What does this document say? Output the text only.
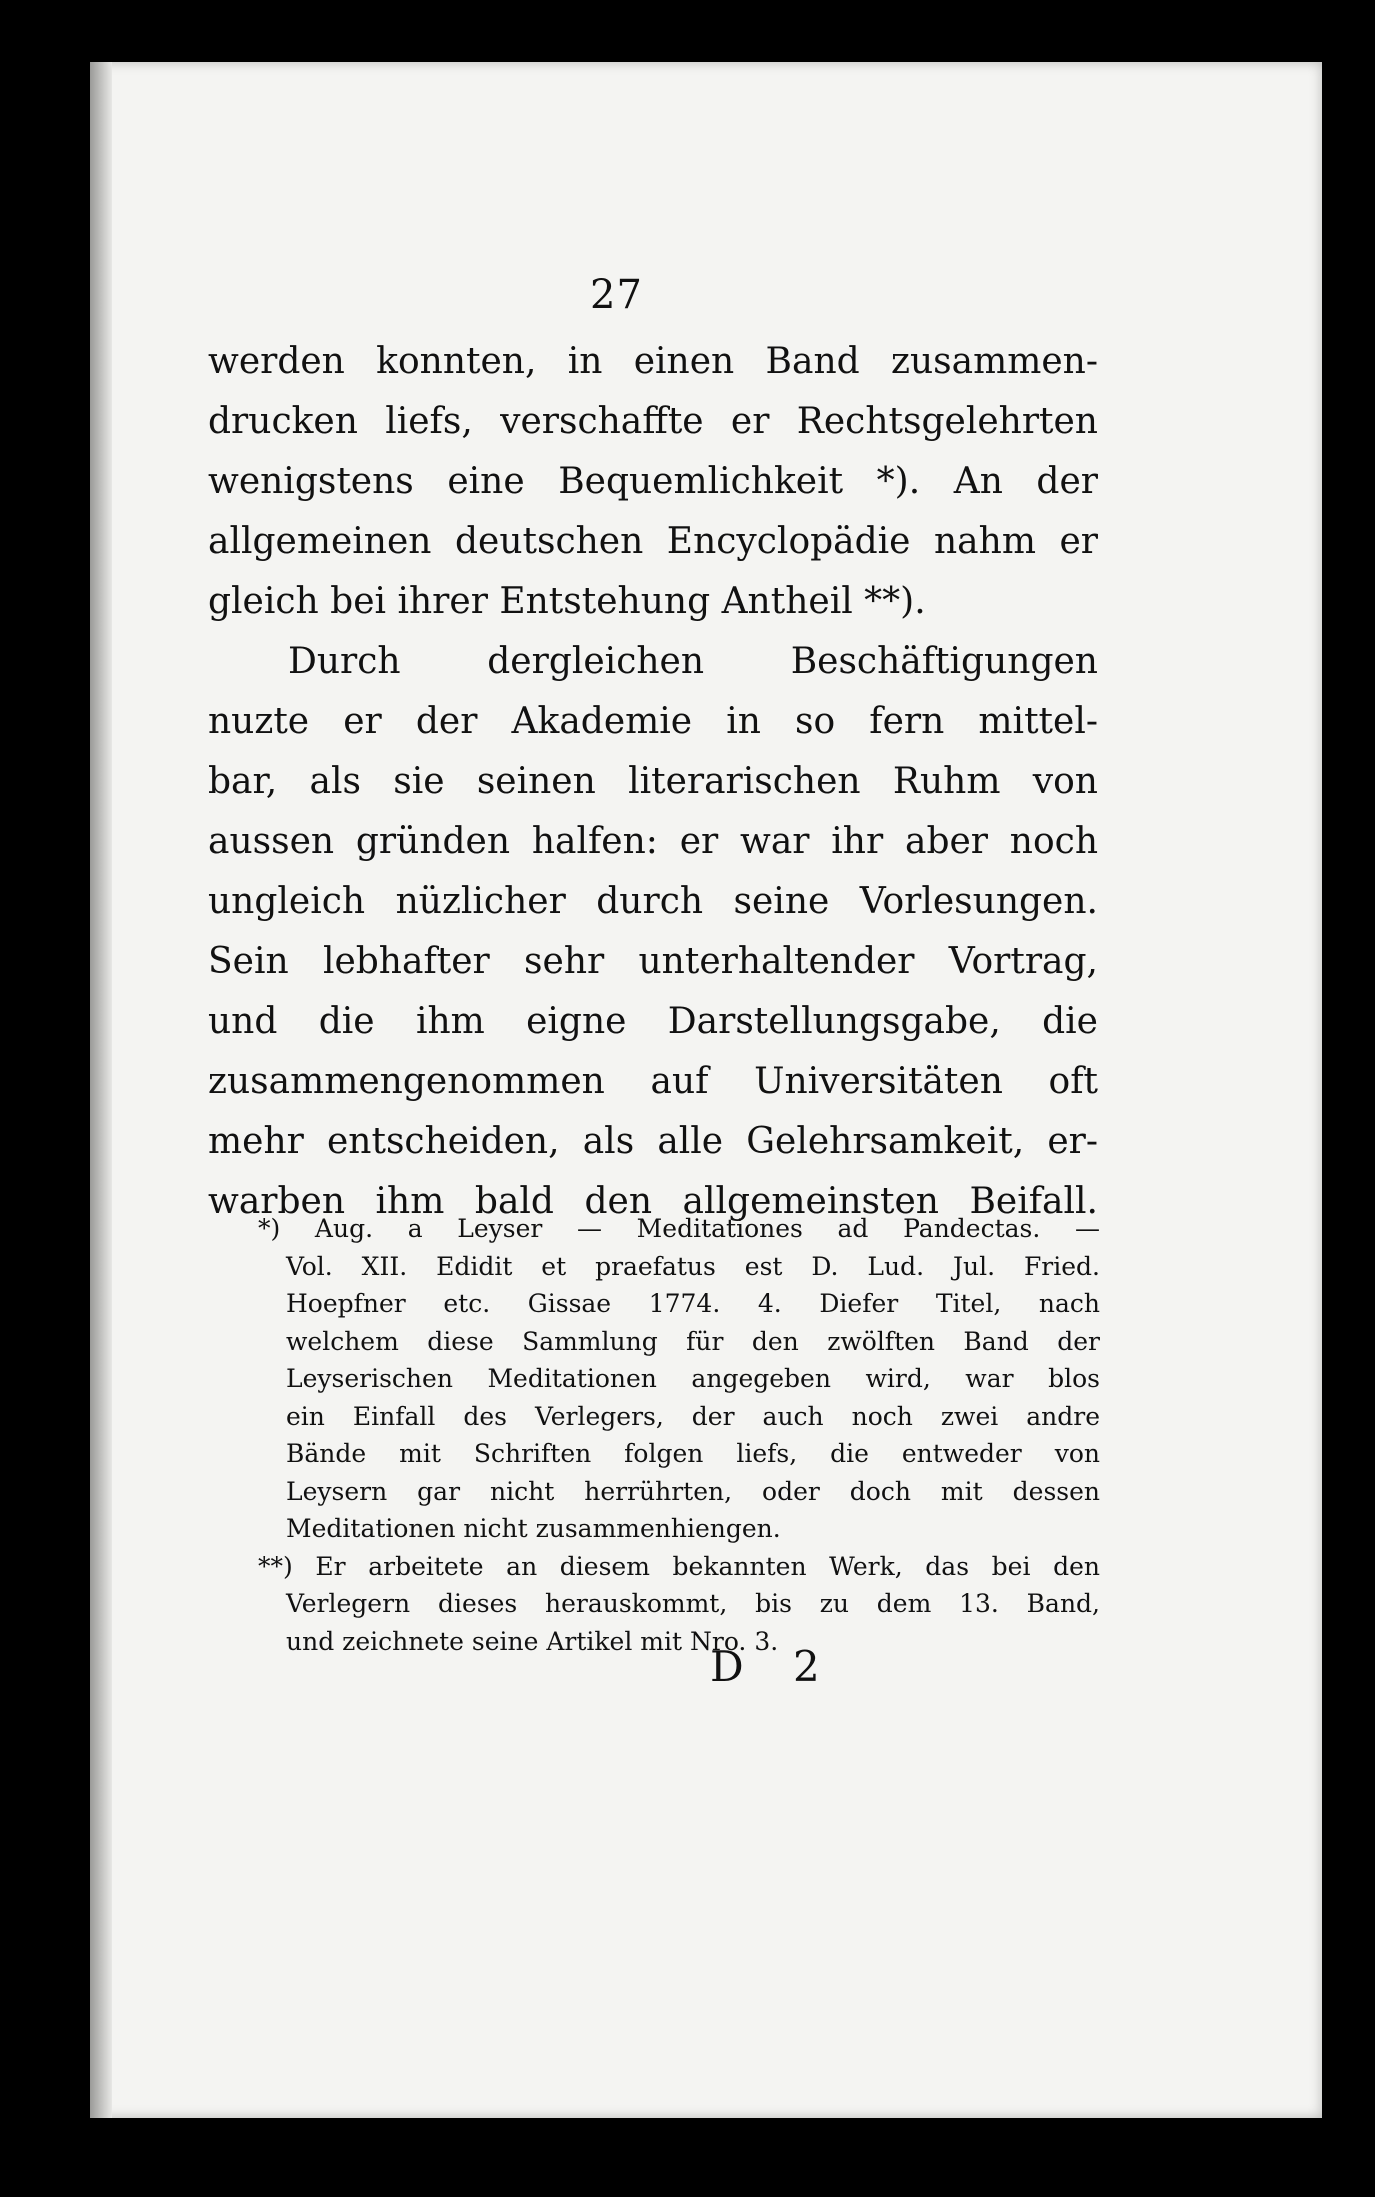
27
werden konnten, in einen Band zusammen-
drucken liefs, verschaffte er Rechtsgelehrten
wenigstens eine Bequemlichkeit *). An der
allgemeinen deutschen Encyclopädie nahm er
gleich bei ihrer Entstehung Antheil **).
Durch dergleichen Beschäftigungen
nuzte er der Akademie in so fern mittel-
bar, als sie seinen literarischen Ruhm von
aussen gründen halfen: er war ihr aber noch
ungleich nüzlicher durch seine Vorlesungen.
Sein lebhafter sehr unterhaltender Vortrag,
und die ihm eigne Darstellungsgabe, die
zusammengenommen auf Universitäten oft
mehr entscheiden, als alle Gelehrsamkeit, er-
warben ihm bald den allgemeinsten Beifall.
*) Aug. a Leyser — Meditationes ad Pandectas. —
Vol. XII. Edidit et praefatus est D. Lud. Jul. Fried.
Hoepfner etc. Gissae 1774. 4. Diefer Titel, nach
welchem diese Sammlung für den zwölften Band der
Leyserischen Meditationen angegeben wird, war blos
ein Einfall des Verlegers, der auch noch zwei andre
Bände mit Schriften folgen liefs, die entweder von
Leysern gar nicht herrührten, oder doch mit dessen
Meditationen nicht zusammenhiengen.
**) Er arbeitete an diesem bekannten Werk, das bei den
Verlegern dieses herauskommt, bis zu dem 13. Band,
und zeichnete seine Artikel mit Nro. 3.
D 2
